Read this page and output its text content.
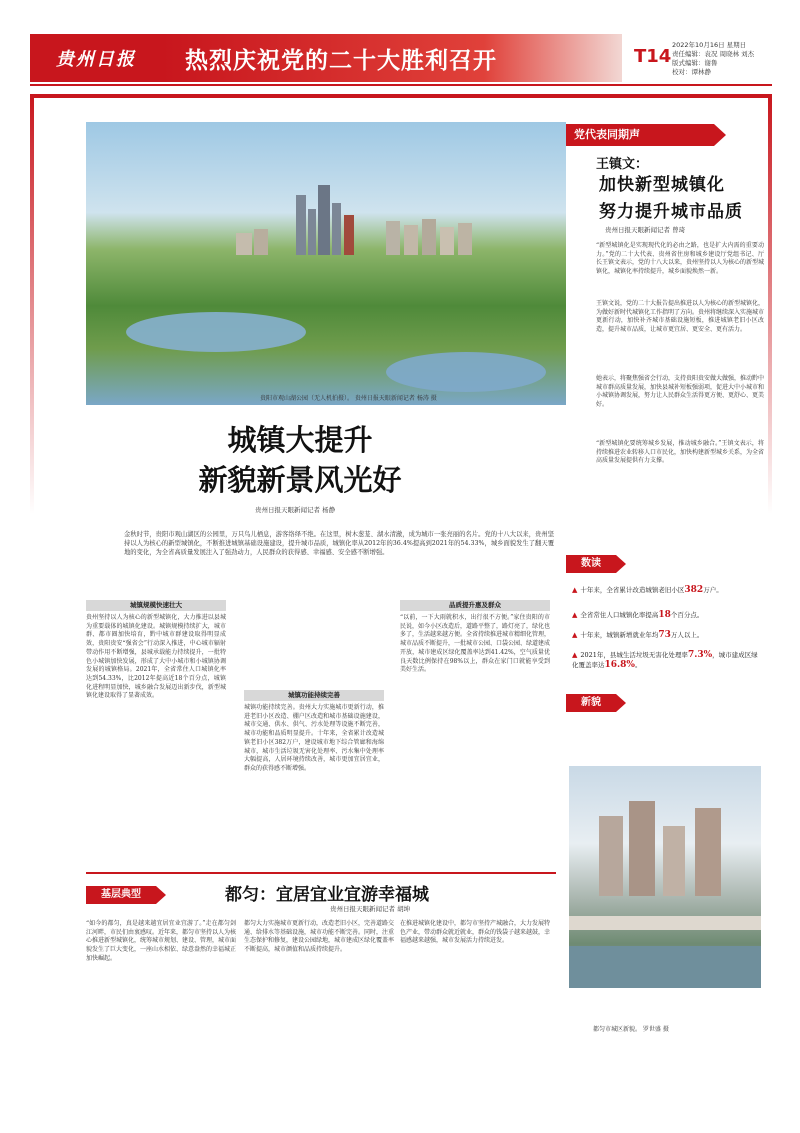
贵州日报	热烈庆祝党的二十大胜利召开	T14
2022年10月16日 星期日
责任编辑：袁况 周晓林 刘杰
版式编辑：谢鲁
校对：谭林静
贵阳市观山湖公园（无人机拍摄）。 贵州日报天眼新闻记者 杨涛 摄
城镇大提升
新貌新景风光好
贵州日报天眼新闻记者 杨静

金秋时节，贵阳市观山湖区的公园里，万只鸟儿栖息，游客络绎不绝。在这里，树木葱茏、湖水清澈，成为城市一张亮丽的名片。党的十八大以来，贵州坚持以人为核心的新型城镇化，不断推进城镇基础设施建设，提升城市品质，城镇化率从2012年的36.4%提高到2021年的54.33%，城乡面貌发生了翻天覆地的变化，为全省高质量发展注入了强劲动力，人民群众的获得感、幸福感、安全感不断增强。

城镇规模快速壮大

贵州坚持以人为核心的新型城镇化，大力推进以县城为重要载体的城镇化建设。城镇规模持续扩大，城市群、都市圈加快培育，黔中城市群建设取得明显成效，贵阳贵安“强省会”行动深入推进，中心城市辐射带动作用不断增强，县城承载能力持续提升，一批特色小城镇加快发展，形成了大中小城市和小城镇协调发展的城镇格局。2021年，全省常住人口城镇化率达到54.33%，比2012年提高近18个百分点，城镇化进程明显加快，城乡融合发展迈出新步伐，新型城镇化建设取得了显著成效。	城镇功能持续完善

城镇功能持续完善。贵州大力实施城市更新行动，推进老旧小区改造、棚户区改造和城市基础设施建设，城市交通、供水、供气、污水处理等设施不断完善，城市功能和品质明显提升。十年来，全省累计改造城镇老旧小区382万户，建设城市地下综合管廊和海绵城市，城市生活垃圾无害化处理率、污水集中处理率大幅提高，人居环境持续改善，城市更加宜居宜业，群众的获得感不断增强。

品质提升惠及群众

“以前，一下大雨就积水，出行很不方便。”家住贵阳的市民说，如今小区改造后，道路平整了，路灯亮了，绿化也多了，生活越来越方便。全省持续推进城市精细化管理，城市品质不断提升，一批城市公园、口袋公园、绿道建成开放，城市建成区绿化覆盖率达到41.42%，空气质量优良天数比例保持在98%以上，群众在家门口就能享受到美好生活。

党代表同期声
王镇文：
加快新型城镇化
努力提升城市品质
贵州日报天眼新闻记者 曾琦

“新型城镇化是实现现代化的必由之路，也是扩大内需的重要动力。”党的二十大代表、贵州省住房和城乡建设厅党组书记、厅长王镇文表示，党的十八大以来，贵州坚持以人为核心的新型城镇化，城镇化率持续提升，城乡面貌焕然一新。

王镇文说，党的二十大报告提出推进以人为核心的新型城镇化，为做好新时代城镇化工作指明了方向。贵州将继续深入实施城市更新行动，加快补齐城市基础设施短板，推进城镇老旧小区改造，提升城市品质，让城市更宜居、更安全、更有活力。

她表示，将聚焦强省会行动，支持贵阳贵安做大做强，推动黔中城市群高质量发展，加快县城补短板强弱项，促进大中小城市和小城镇协调发展，努力让人民群众生活得更方便、更舒心、更美好。

“新型城镇化要统筹城乡发展，推动城乡融合。”王镇文表示，将持续推进农业转移人口市民化，加快构建新型城乡关系，为全省高质量发展提供有力支撑。

数读
▲ 十年来，全省累计改造城镇老旧小区382万户。
▲ 全省常住人口城镇化率提高18个百分点。
▲ 十年来，城镇新增就业年均73万人以上。
▲ 2021年，县城生活垃圾无害化处理率7.3%，城市建成区绿化覆盖率达16.8%。
新貌
都匀市城区新貌。 罗世盛 摄
基层典型	都匀：宜居宜业宜游幸福城
贵州日报天眼新闻记者 胡坤

“如今的都匀，真是越来越宜居宜业宜游了。”走在都匀剑江河畔，市民们由衷感叹。近年来，都匀市坚持以人为核心推进新型城镇化，统筹城市规划、建设、管理，城市面貌发生了巨大变化，一座山水相依、绿意盎然的幸福城正加快崛起。

都匀大力实施城市更新行动，改造老旧小区，完善道路交通、给排水等基础设施，城市功能不断完善。同时，注重生态保护和修复，建设公园绿地，城市建成区绿化覆盖率不断提高，城市颜值和品质持续提升。

在推进城镇化建设中，都匀市坚持产城融合，大力发展特色产业，带动群众就近就业，群众的钱袋子越来越鼓，幸福感越来越强，城市发展活力持续迸发。
